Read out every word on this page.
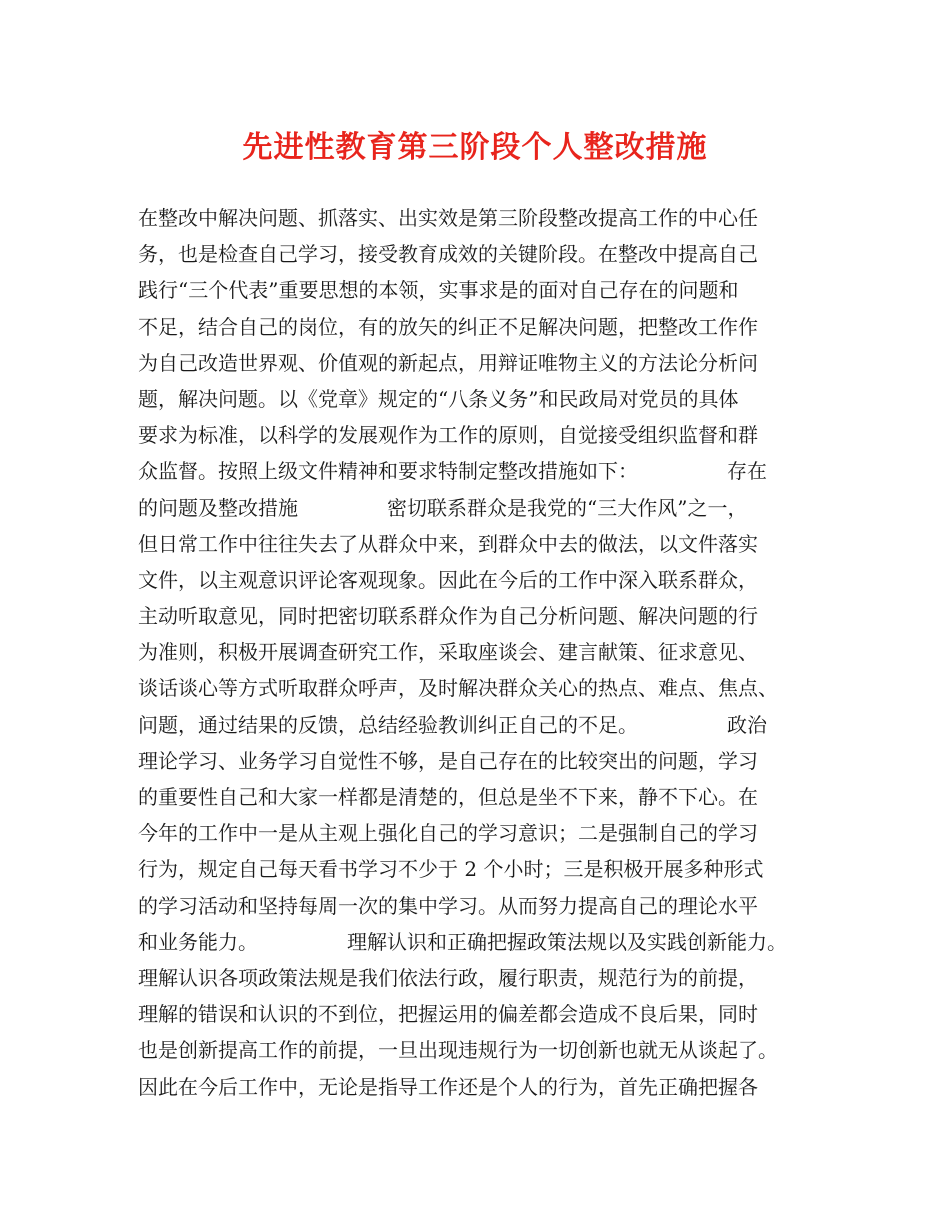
先进性教育第三阶段个人整改措施
在整改中解决问题、抓落实、出实效是第三阶段整改提高工作的中心任
务，也是检查自己学习，接受教育成效的关键阶段。在整改中提高自己
践行“三个代表”重要思想的本领，实事求是的面对自己存在的问题和
不足，结合自己的岗位，有的放矢的纠正不足解决问题，把整改工作作
为自己改造世界观、价值观的新起点，用辩证唯物主义的方法论分析问
题，解决问题。以《党章》规定的“八条义务”和民政局对党员的具体
要求为标准，以科学的发展观作为工作的原则，自觉接受组织监督和群
众监督。按照上级文件精神和要求特制定整改措施如下：              存在
的问题及整改措施              密切联系群众是我党的“三大作风”之一，
但日常工作中往往失去了从群众中来，到群众中去的做法，以文件落实
文件，以主观意识评论客观现象。因此在今后的工作中深入联系群众，
主动听取意见，同时把密切联系群众作为自己分析问题、解决问题的行
为准则，积极开展调查研究工作，采取座谈会、建言献策、征求意见、
谈话谈心等方式听取群众呼声，及时解决群众关心的热点、难点、焦点、
问题，通过结果的反馈，总结经验教训纠正自己的不足。              政治
理论学习、业务学习自觉性不够，是自己存在的比较突出的问题，学习
的重要性自己和大家一样都是清楚的，但总是坐不下来，静不下心。在
今年的工作中一是从主观上强化自己的学习意识；二是强制自己的学习
行为，规定自己每天看书学习不少于 2 个小时；三是积极开展多种形式
的学习活动和坚持每周一次的集中学习。从而努力提高自己的理论水平
和业务能力。              理解认识和正确把握政策法规以及实践创新能力。
理解认识各项政策法规是我们依法行政，履行职责，规范行为的前提，
理解的错误和认识的不到位，把握运用的偏差都会造成不良后果，同时
也是创新提高工作的前提，一旦出现违规行为一切创新也就无从谈起了。
因此在今后工作中，无论是指导工作还是个人的行为，首先正确把握各
